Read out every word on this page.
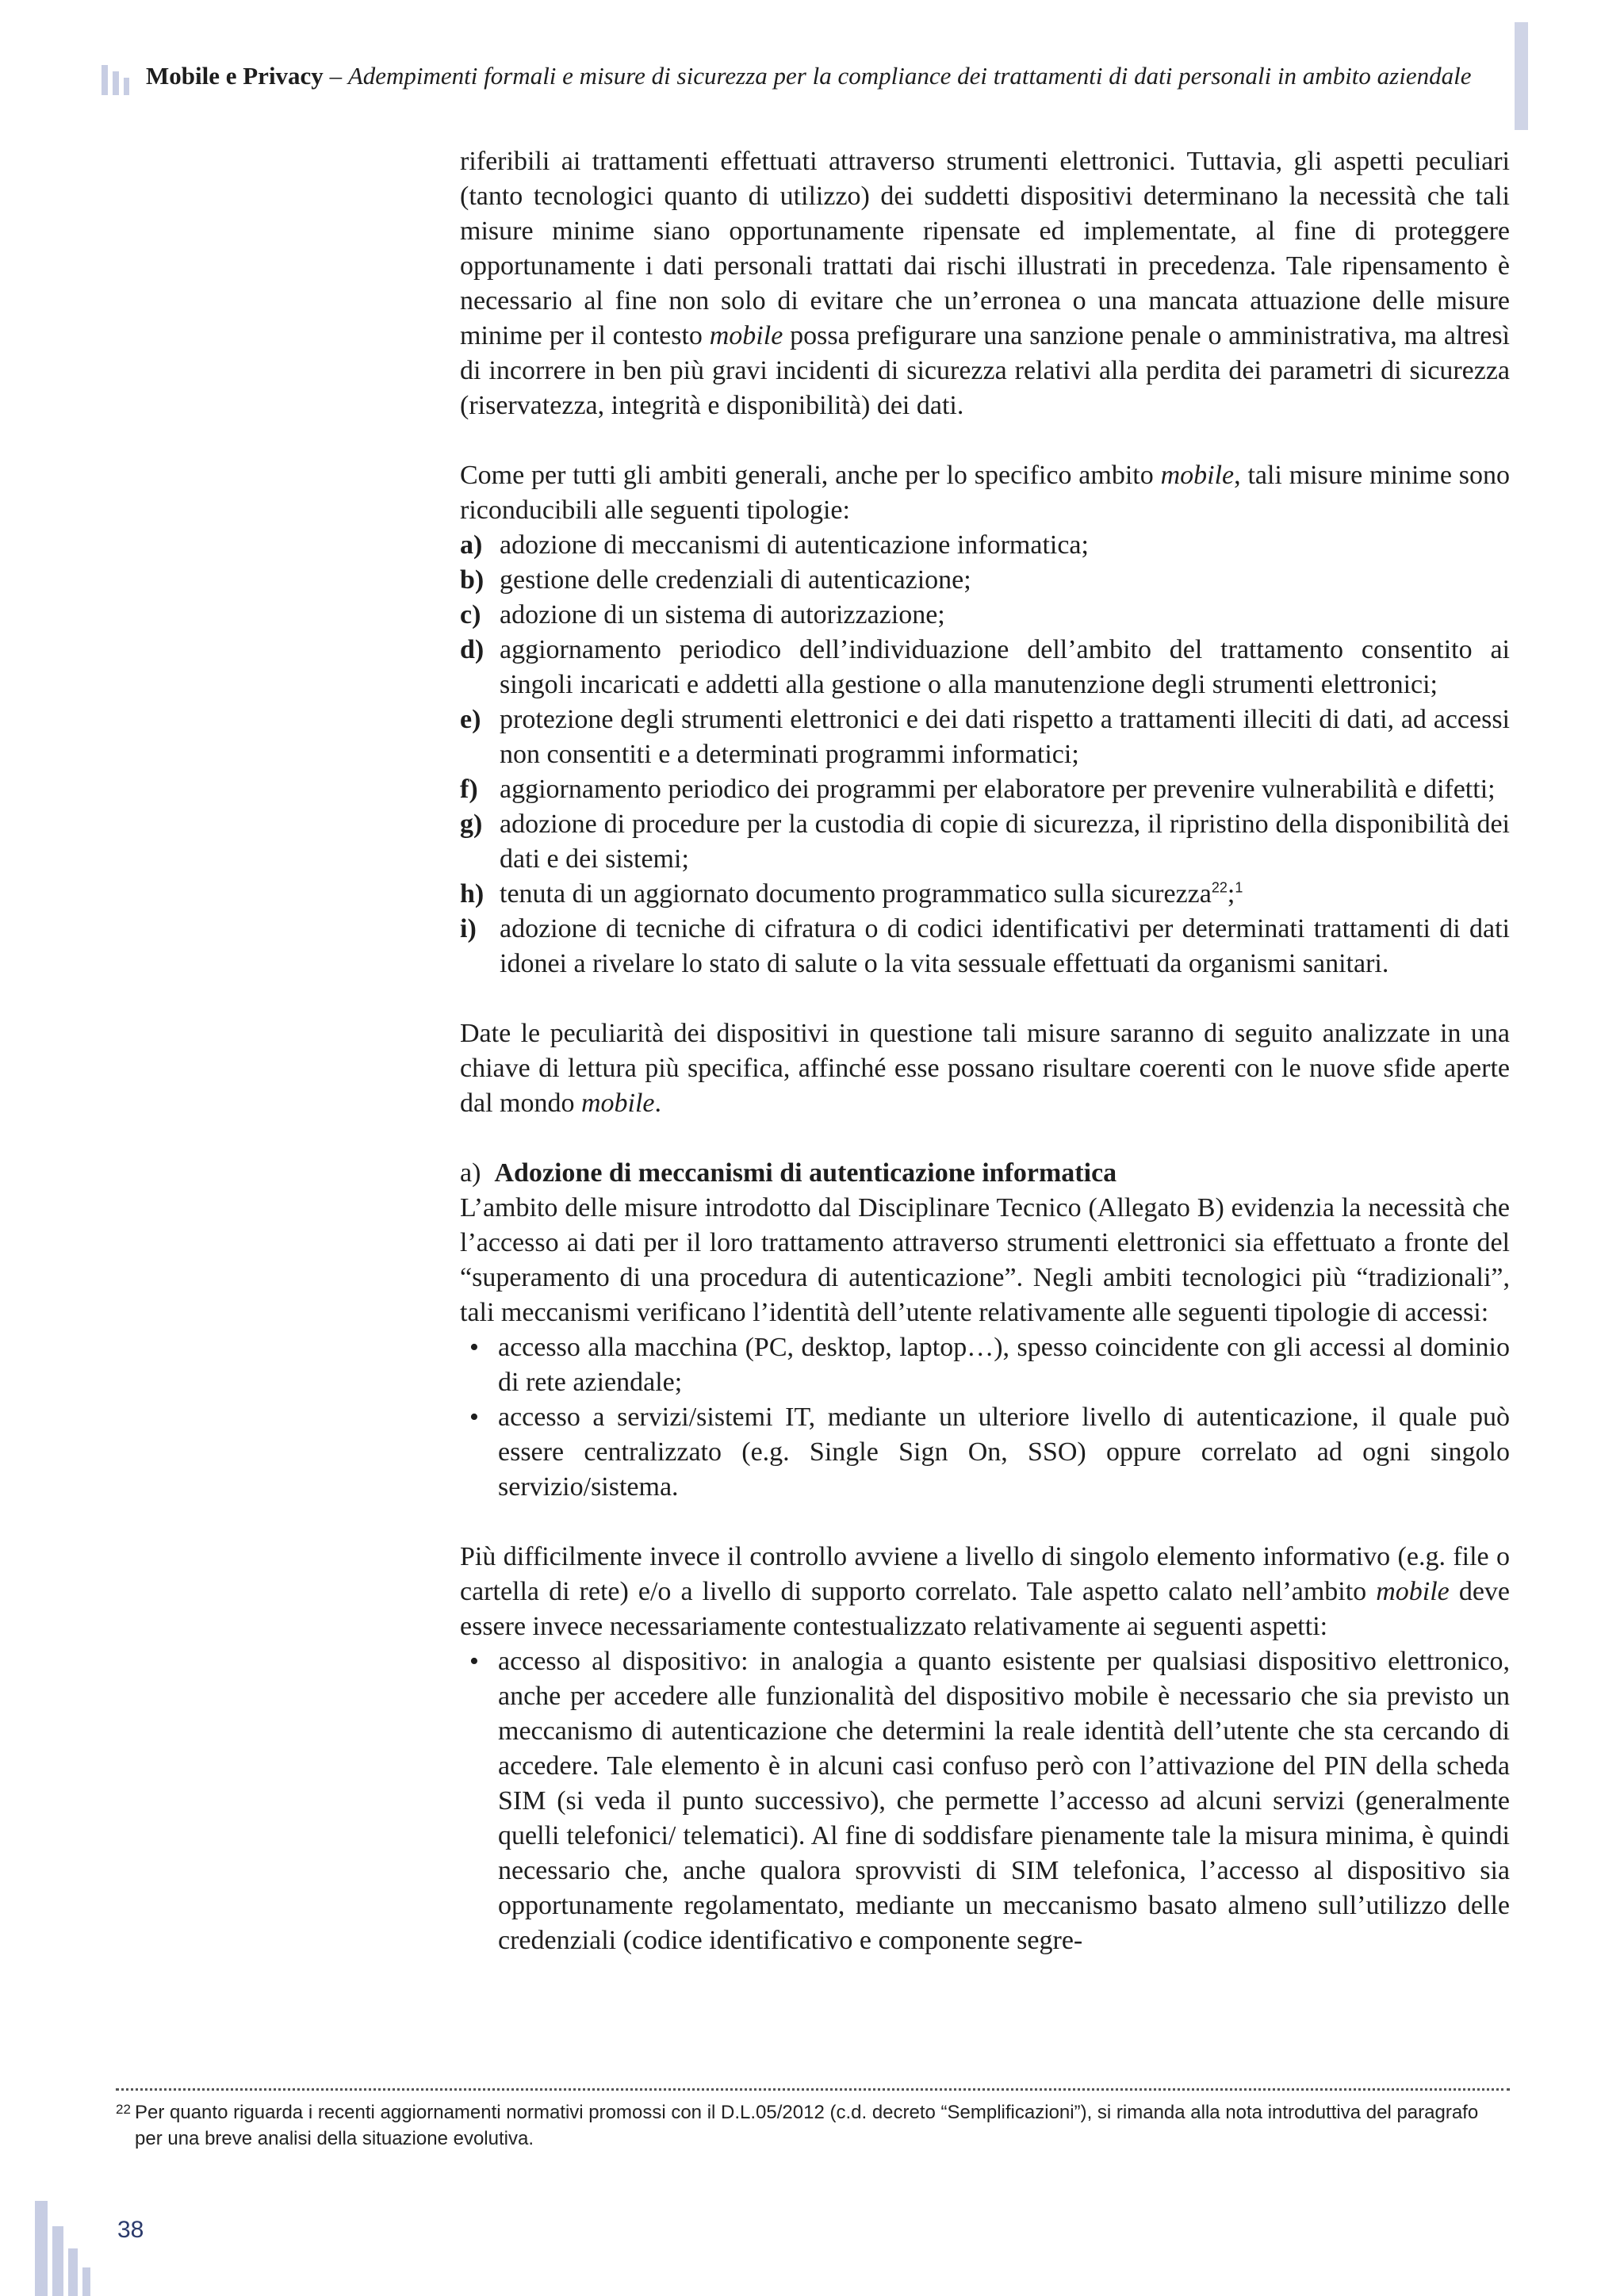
Mobile e Privacy – Adempimenti formali e misure di sicurezza per la compliance dei trattamenti di dati personali in ambito aziendale

riferibili ai trattamenti effettuati attraverso strumenti elettronici. Tuttavia, gli aspetti peculiari (tanto tecnologici quanto di utilizzo) dei suddetti dispositivi determinano la necessità che tali misure minime siano opportunamente ripensate ed implementate, al fine di proteggere opportunamente i dati personali trattati dai rischi illustrati in precedenza. Tale ripensamento è necessario al fine non solo di evitare che un’erronea o una mancata attuazione delle misure minime per il contesto mobile possa prefigurare una sanzione penale o amministrativa, ma altresì di incorrere in ben più gravi incidenti di sicurezza relativi alla perdita dei parametri di sicurezza (riservatezza, integrità e disponibilità) dei dati.

Come per tutti gli ambiti generali, anche per lo specifico ambito mobile, tali misure minime sono riconducibili alle seguenti tipologie:

a) adozione di meccanismi di autenticazione informatica;
b) gestione delle credenziali di autenticazione;
c) adozione di un sistema di autorizzazione;
d) aggiornamento periodico dell’individuazione dell’ambito del trattamento consentito ai singoli incaricati e addetti alla gestione o alla manutenzione degli strumenti elettronici;
e) protezione degli strumenti elettronici e dei dati rispetto a trattamenti illeciti di dati, ad accessi non consentiti e a determinati programmi informatici;
f) aggiornamento periodico dei programmi per elaboratore per prevenire vulnerabilità e difetti;
g) adozione di procedure per la custodia di copie di sicurezza, il ripristino della disponibilità dei dati e dei sistemi;
h) tenuta di un aggiornato documento programmatico sulla sicurezza$^{22}$;$^1$
i) adozione di tecniche di cifratura o di codici identificativi per determinati trattamenti di dati idonei a rivelare lo stato di salute o la vita sessuale effettuati da organismi sanitari.

Date le peculiarità dei dispositivi in questione tali misure saranno di seguito analizzate in una chiave di lettura più specifica, affinché esse possano risultare coerenti con le nuove sfide aperte dal mondo mobile.

a) Adozione di meccanismi di autenticazione informatica

L’ambito delle misure introdotto dal Disciplinare Tecnico (Allegato B) evidenzia la necessità che l’accesso ai dati per il loro trattamento attraverso strumenti elettronici sia effettuato a fronte del “superamento di una procedura di autenticazione”. Negli ambiti tecnologici più “tradizionali”, tali meccanismi verificano l’identità dell’utente relativamente alle seguenti tipologie di accessi:

• accesso alla macchina (PC, desktop, laptop…), spesso coincidente con gli accessi al dominio di rete aziendale;
• accesso a servizi/sistemi IT, mediante un ulteriore livello di autenticazione, il quale può essere centralizzato (e.g. Single Sign On, SSO) oppure correlato ad ogni singolo servizio/sistema.

Più difficilmente invece il controllo avviene a livello di singolo elemento informativo (e.g. file o cartella di rete) e/o a livello di supporto correlato. Tale aspetto calato nell’ambito mobile deve essere invece necessariamente contestualizzato relativamente ai seguenti aspetti:

• accesso al dispositivo: in analogia a quanto esistente per qualsiasi dispositivo elettronico, anche per accedere alle funzionalità del dispositivo mobile è necessario che sia previsto un meccanismo di autenticazione che determini la reale identità dell’utente che sta cercando di accedere. Tale elemento è in alcuni casi confuso però con l’attivazione del PIN della scheda SIM (si veda il punto successivo), che permette l’accesso ad alcuni servizi (generalmente quelli telefonici/ telematici). Al fine di soddisfare pienamente tale la misura minima, è quindi necessario che, anche qualora sprovvisti di SIM telefonica, l’accesso al dispositivo sia opportunamente regolamentato, mediante un meccanismo basato almeno sull’utilizzo delle credenziali (codice identificativo e componente segre-
22 Per quanto riguarda i recenti aggiornamenti normativi promossi con il D.L.05/2012 (c.d. decreto “Semplificazioni”), si rimanda alla nota introduttiva del paragrafo per una breve analisi della situazione evolutiva.
38
